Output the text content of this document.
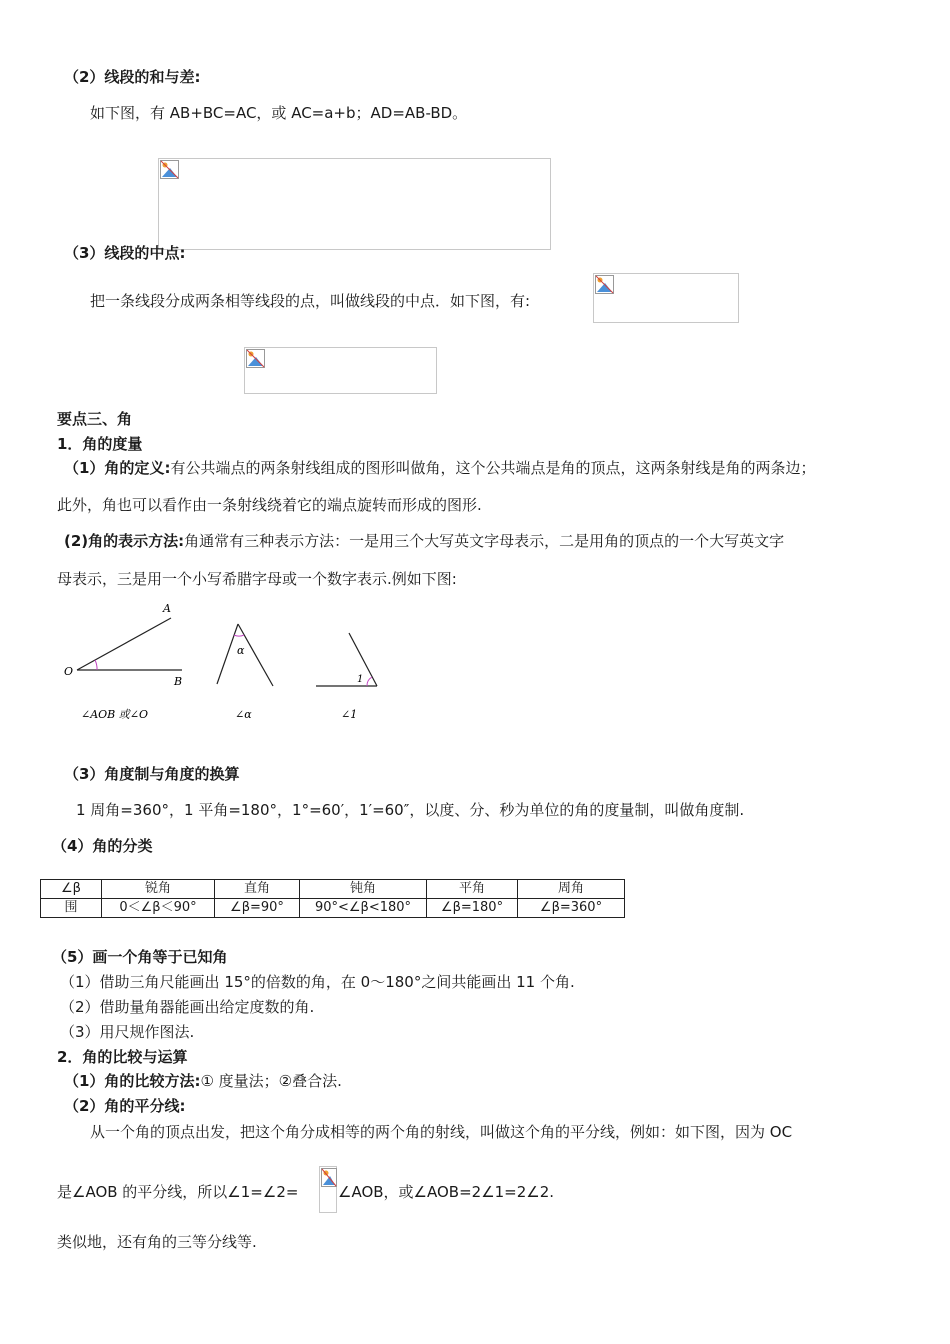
（2）线段的和与差:
如下图，有 AB+BC=AC，或 AC=a+b；AD=AB-BD。
（3）线段的中点:
把一条线段分成两条相等线段的点，叫做线段的中点．如下图，有:
要点三、角
1．角的度量
（1）角的定义:有公共端点的两条射线组成的图形叫做角，这个公共端点是角的顶点，这两条射线是角的两条边；
此外，角也可以看作由一条射线绕着它的端点旋转而形成的图形.
(2)角的表示方法:角通常有三种表示方法：一是用三个大写英文字母表示，二是用角的顶点的一个大写英文字
母表示，三是用一个小写希腊字母或一个数字表示.例如下图:
A
O
B
∠AOB 或∠O
α
∠α
1
∠1
（3）角度制与角度的换算
1 周角=360°，1 平角=180°，1°=60′，1′=60″，以度、分、秒为单位的角的度量制，叫做角度制.
（4）角的分类
∠β	锐角	直角	钝角	平角	周角
围	0＜∠β＜90°	∠β=90°	90°<∠β<180°	∠β=180°	∠β=360°
（5）画一个角等于已知角
（1）借助三角尺能画出 15°的倍数的角，在 0～180°之间共能画出 11 个角.
（2）借助量角器能画出给定度数的角.
（3）用尺规作图法.
2．角的比较与运算
（1）角的比较方法:① 度量法；②叠合法.
（2）角的平分线:
从一个角的顶点出发，把这个角分成相等的两个角的射线，叫做这个角的平分线，例如：如下图，因为 OC
是∠AOB 的平分线，所以∠1=∠2=	∠AOB，或∠AOB=2∠1=2∠2.
类似地，还有角的三等分线等.
